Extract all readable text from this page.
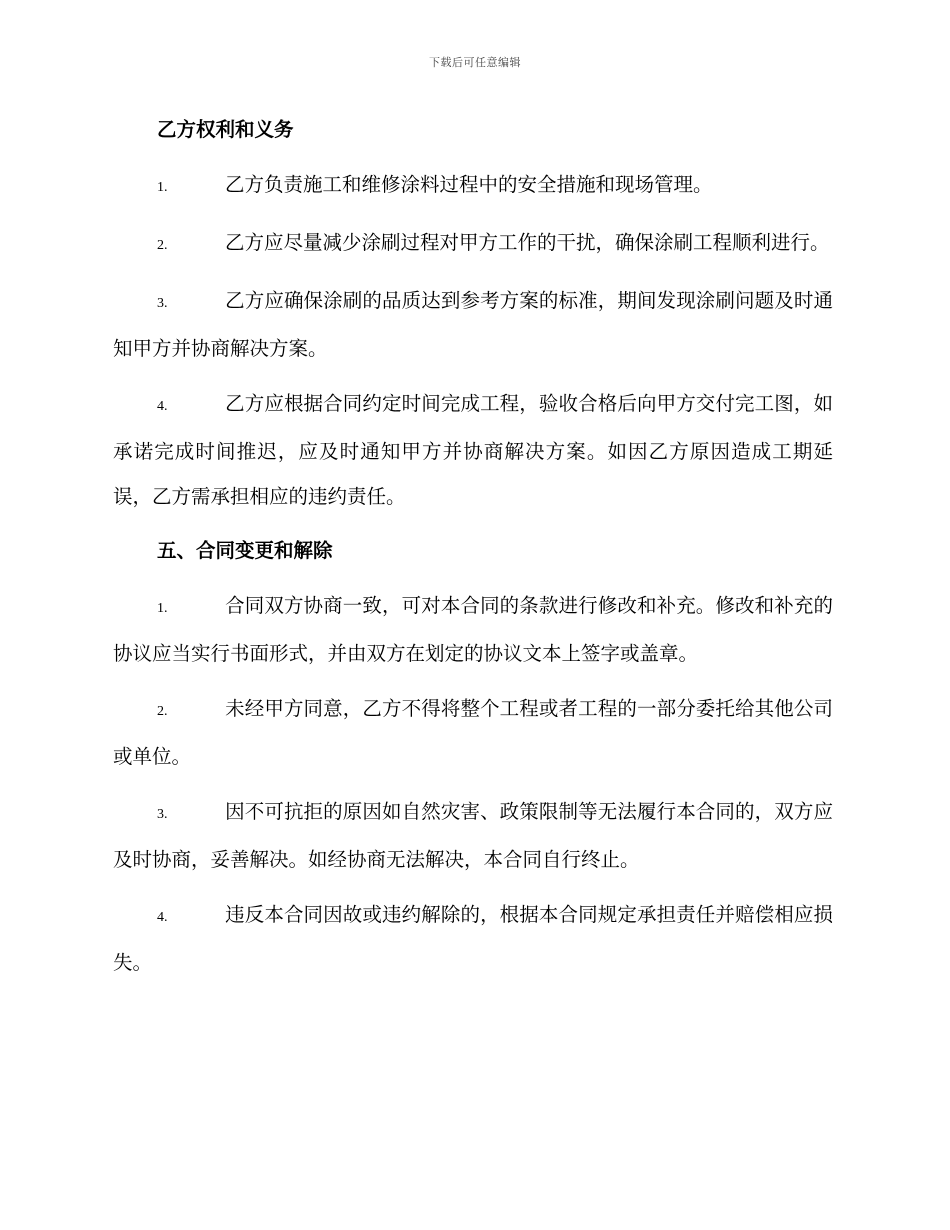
下载后可任意编辑
乙方权利和义务

1.	乙方负责施工和维修涂料过程中的安全措施和现场管理。

2.	乙方应尽量减少涂刷过程对甲方工作的干扰，确保涂刷工程顺利进行。

3.	乙方应确保涂刷的品质达到参考方案的标准，期间发现涂刷问题及时通知甲方并协商解决方案。

4.	乙方应根据合同约定时间完成工程，验收合格后向甲方交付完工图，如承诺完成时间推迟，应及时通知甲方并协商解决方案。如因乙方原因造成工期延误，乙方需承担相应的违约责任。

五、合同变更和解除

1.	合同双方协商一致，可对本合同的条款进行修改和补充。修改和补充的协议应当实行书面形式，并由双方在划定的协议文本上签字或盖章。

2.	未经甲方同意，乙方不得将整个工程或者工程的一部分委托给其他公司或单位。

3.	因不可抗拒的原因如自然灾害、政策限制等无法履行本合同的，双方应及时协商，妥善解决。如经协商无法解决，本合同自行终止。

4.	违反本合同因故或违约解除的，根据本合同规定承担责任并赔偿相应损失。
